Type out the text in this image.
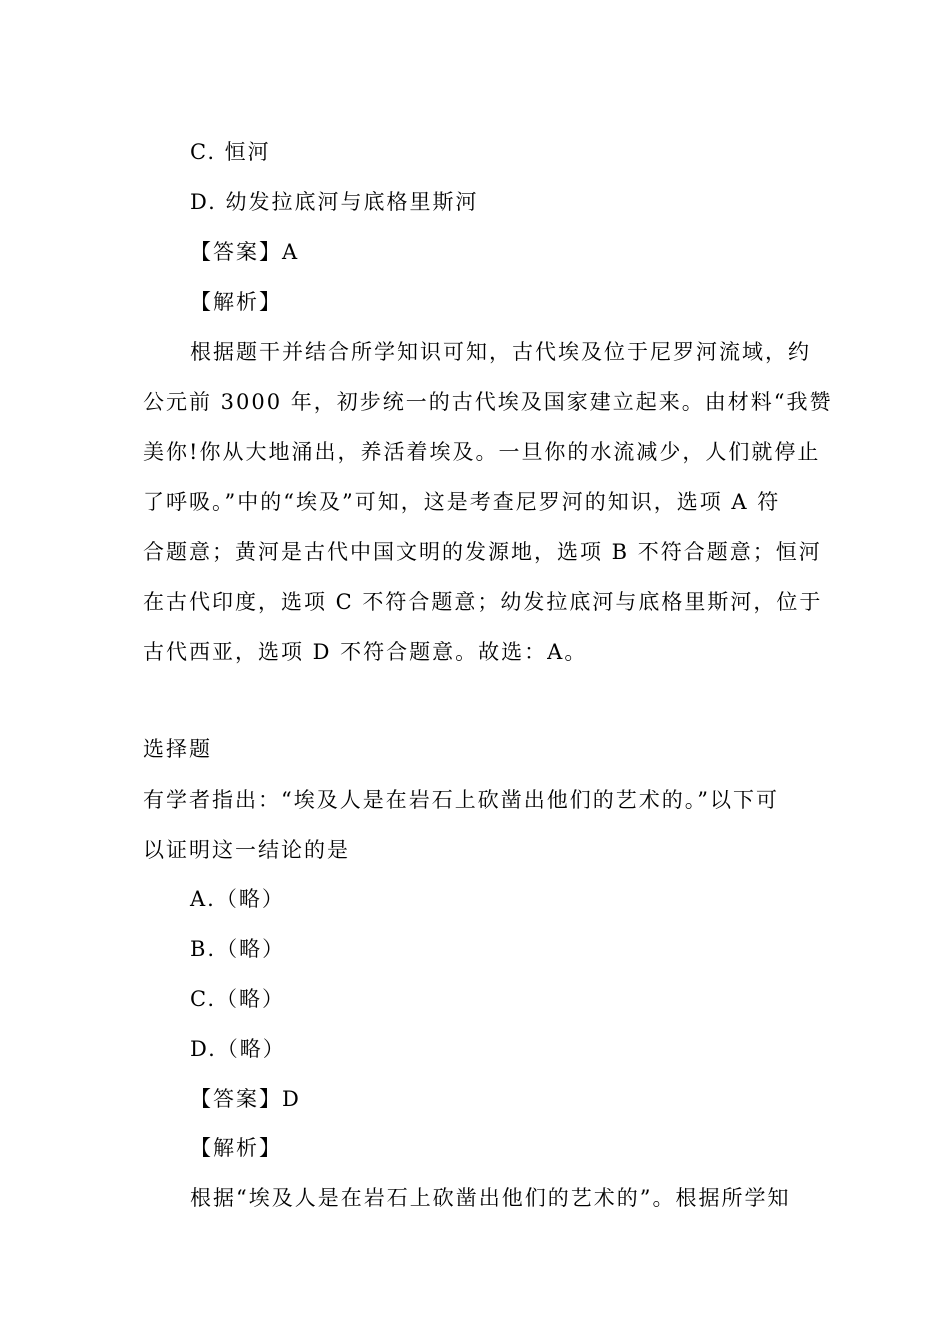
C. 恒河
D. 幼发拉底河与底格里斯河
【答案】A
【解析】
根据题干并结合所学知识可知，古代埃及位于尼罗河流域，约
公元前 3000 年，初步统一的古代埃及国家建立起来。由材料“我赞
美你!你从大地涌出，养活着埃及。一旦你的水流减少，人们就停止
了呼吸。”中的“埃及”可知，这是考查尼罗河的知识，选项 A 符
合题意；黄河是古代中国文明的发源地，选项 B 不符合题意；恒河
在古代印度，选项 C 不符合题意；幼发拉底河与底格里斯河，位于
古代西亚，选项 D 不符合题意。故选：A。
选择题
有学者指出：“埃及人是在岩石上砍凿出他们的艺术的。”以下可
以证明这一结论的是
A.（略）
B.（略）
C.（略）
D.（略）
【答案】D
【解析】
根据“埃及人是在岩石上砍凿出他们的艺术的”。根据所学知
